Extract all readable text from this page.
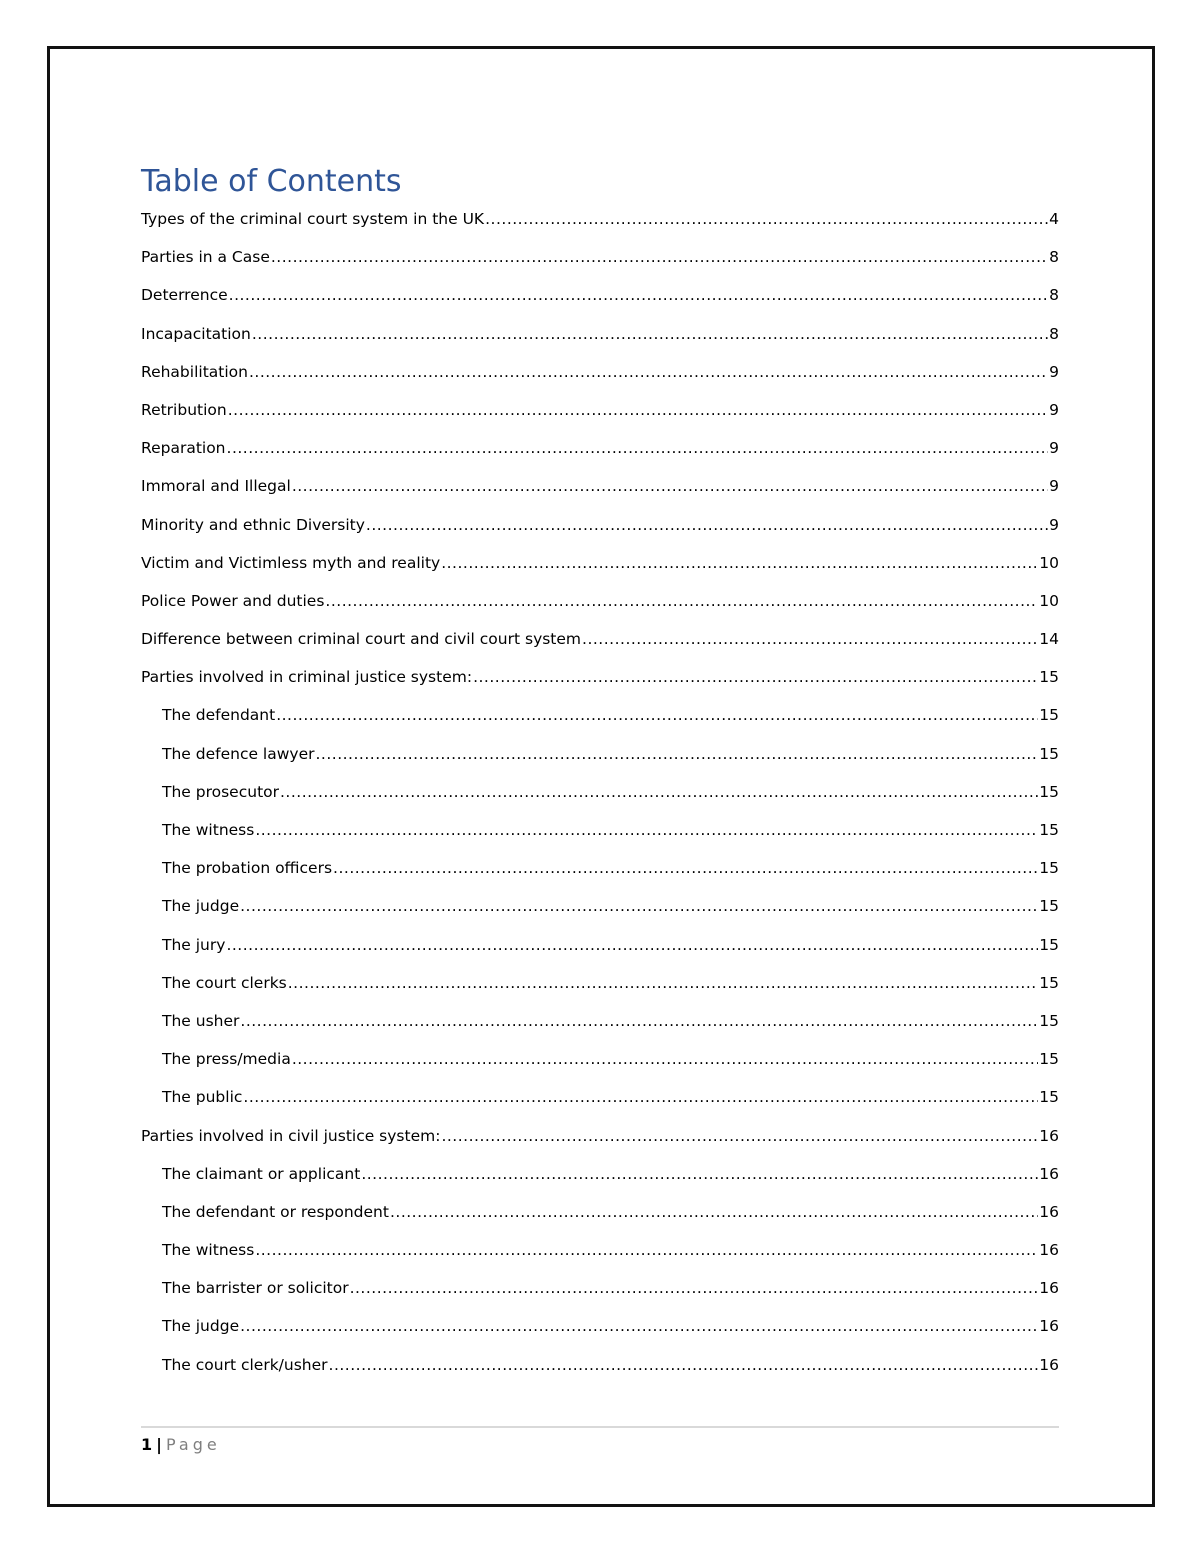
Table of Contents
Types of the criminal court system in the UK .....	4
Parties in a Case .....	8
Deterrence .....	8
Incapacitation .....	8
Rehabilitation .....	9
Retribution .....	9
Reparation .....	9
Immoral and Illegal .....	9
Minority and ethnic Diversity .....	9
Victim and Victimless myth and reality .....	10
Police Power and duties .....	10
Difference between criminal court and civil court system .....	14
Parties involved in criminal justice system: .....	15
The defendant .....	15
The defence lawyer .....	15
The prosecutor .....	15
The witness .....	15
The probation officers .....	15
The judge .....	15
The jury .....	15
The court clerks .....	15
The usher .....	15
The press/media .....	15
The public .....	15
Parties involved in civil justice system: .....	16
The claimant or applicant .....	16
The defendant or respondent .....	16
The witness .....	16
The barrister or solicitor .....	16
The judge .....	16
The court clerk/usher .....	16
1 | Page
